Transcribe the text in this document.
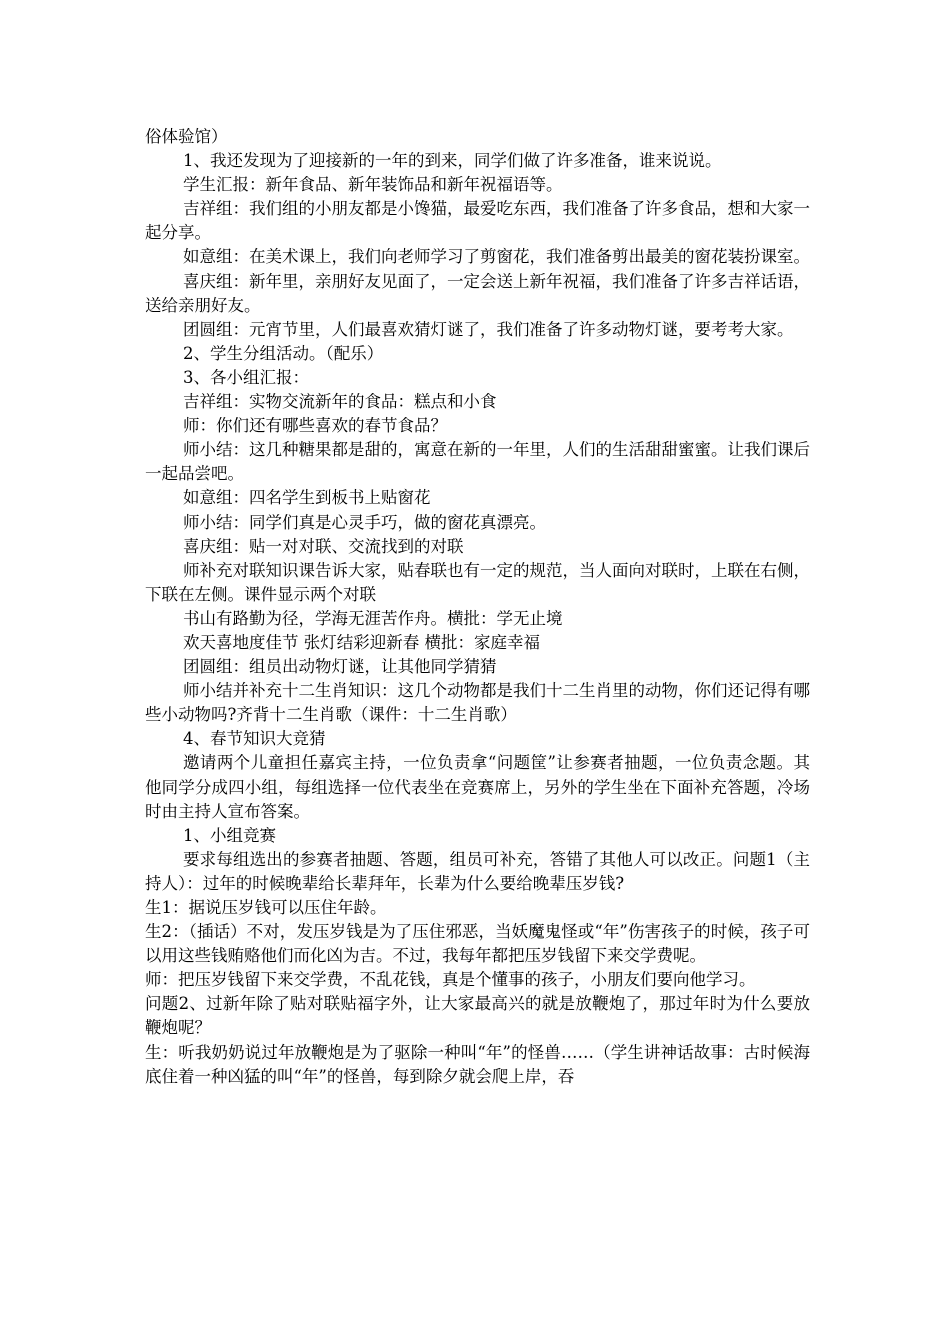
俗体验馆）

1、我还发现为了迎接新的一年的到来，同学们做了许多准备，谁来说说。

学生汇报：新年食品、新年装饰品和新年祝福语等。

吉祥组：我们组的小朋友都是小馋猫，最爱吃东西，我们准备了许多食品，想和大家一起分享。

如意组：在美术课上，我们向老师学习了剪窗花，我们准备剪出最美的窗花装扮课室。

喜庆组：新年里，亲朋好友见面了，一定会送上新年祝福，我们准备了许多吉祥话语，送给亲朋好友。

团圆组：元宵节里，人们最喜欢猜灯谜了，我们准备了许多动物灯谜，要考考大家。

2、学生分组活动。（配乐）

3、各小组汇报：

吉祥组：实物交流新年的食品：糕点和小食

师：你们还有哪些喜欢的春节食品？

师小结：这几种糖果都是甜的，寓意在新的一年里，人们的生活甜甜蜜蜜。让我们课后一起品尝吧。

如意组：四名学生到板书上贴窗花

师小结：同学们真是心灵手巧，做的窗花真漂亮。

喜庆组：贴一对对联、交流找到的对联

师补充对联知识课告诉大家，贴春联也有一定的规范，当人面向对联时，上联在右侧，下联在左侧。课件显示两个对联

书山有路勤为径，学海无涯苦作舟。横批：学无止境

欢天喜地度佳节 张灯结彩迎新春 横批：家庭幸福

团圆组：组员出动物灯谜，让其他同学猜猜

师小结并补充十二生肖知识：这几个动物都是我们十二生肖里的动物，你们还记得有哪些小动物吗?齐背十二生肖歌（课件：十二生肖歌）

4、春节知识大竞猜

邀请两个儿童担任嘉宾主持，一位负责拿“问题筐”让参赛者抽题，一位负责念题。其他同学分成四小组，每组选择一位代表坐在竞赛席上，另外的学生坐在下面补充答题，冷场时由主持人宣布答案。

1、小组竞赛

要求每组选出的参赛者抽题、答题，组员可补充，答错了其他人可以改正。问题1（主持人）：过年的时候晚辈给长辈拜年，长辈为什么要给晚辈压岁钱?

生1：据说压岁钱可以压住年龄。

生2：（插话）不对，发压岁钱是为了压住邪恶，当妖魔鬼怪或“年”伤害孩子的时候，孩子可以用这些钱贿赂他们而化凶为吉。不过，我每年都把压岁钱留下来交学费呢。

师：把压岁钱留下来交学费，不乱花钱，真是个懂事的孩子，小朋友们要向他学习。

问题2、过新年除了贴对联贴福字外，让大家最高兴的就是放鞭炮了，那过年时为什么要放鞭炮呢？

生：听我奶奶说过年放鞭炮是为了驱除一种叫“年”的怪兽……（学生讲神话故事：古时候海底住着一种凶猛的叫“年”的怪兽，每到除夕就会爬上岸，吞
